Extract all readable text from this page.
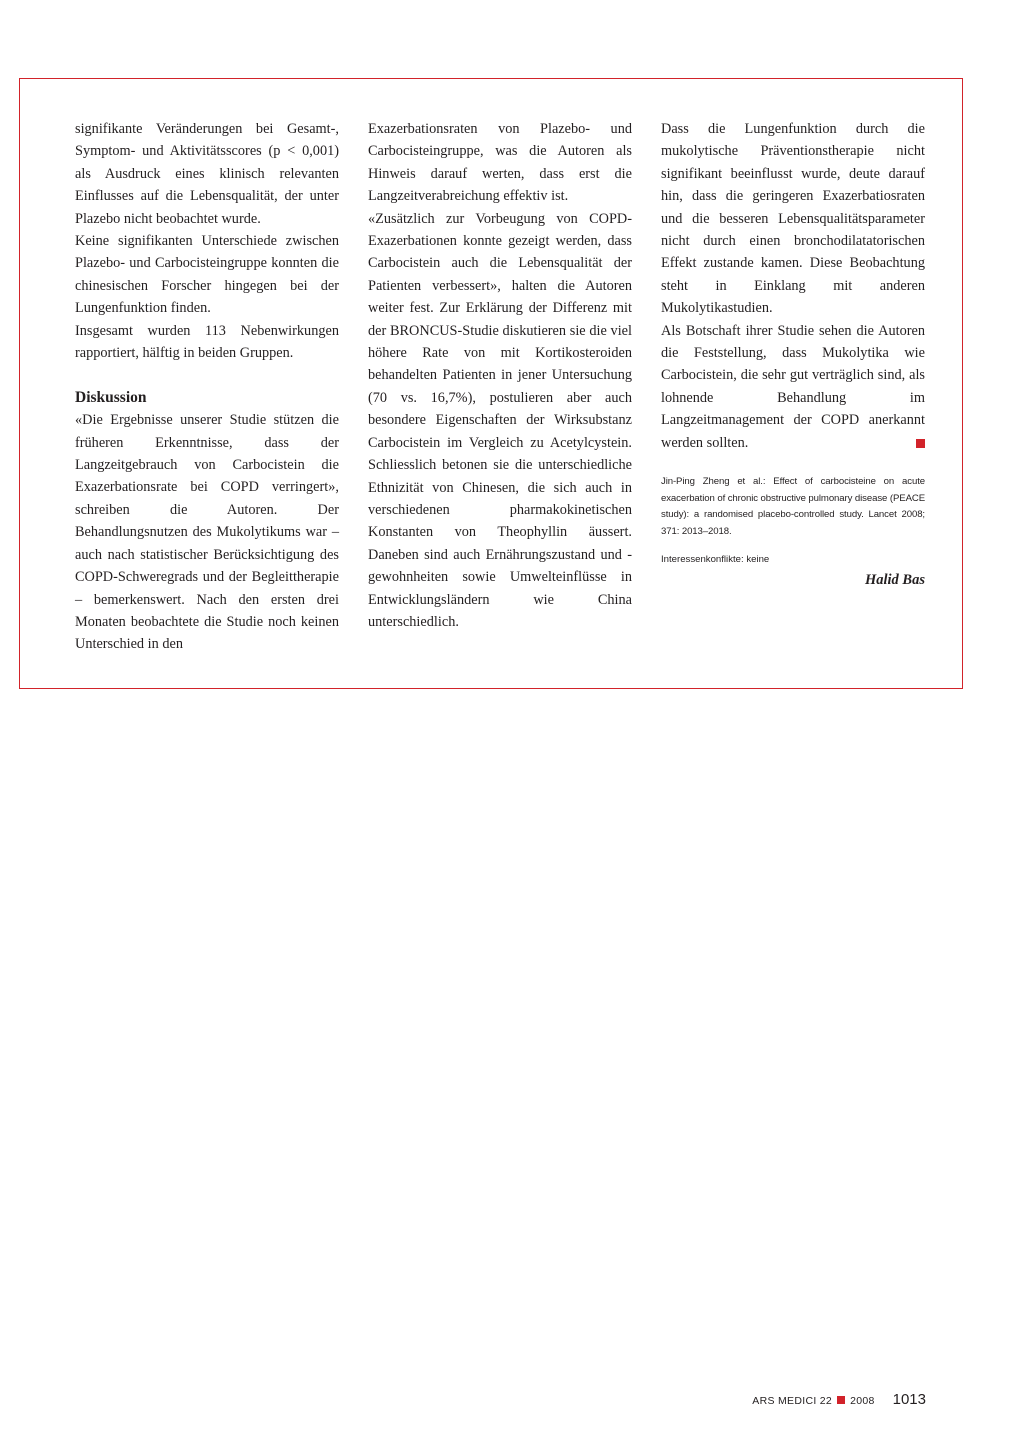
signifikante Veränderungen bei Gesamt-, Symptom- und Aktivitätsscores (p < 0,001) als Ausdruck eines klinisch relevanten Einflusses auf die Lebensqualität, der unter Plazebo nicht beobachtet wurde.

Keine signifikanten Unterschiede zwischen Plazebo- und Carbocisteingruppe konnten die chinesischen Forscher hingegen bei der Lungenfunktion finden.

Insgesamt wurden 113 Nebenwirkungen rapportiert, hälftig in beiden Gruppen.

Diskussion

«Die Ergebnisse unserer Studie stützen die früheren Erkenntnisse, dass der Langzeitgebrauch von Carbocistein die Exazerbationsrate bei COPD verringert», schreiben die Autoren. Der Behandlungsnutzen des Mukolytikums war – auch nach statistischer Berücksichtigung des COPD-Schweregrads und der Begleittherapie – bemerkenswert. Nach den ersten drei Monaten beobachtete die Studie noch keinen Unterschied in den

Exazerbationsraten von Plazebo- und Carbocisteingruppe, was die Autoren als Hinweis darauf werten, dass erst die Langzeitverabreichung effektiv ist.

«Zusätzlich zur Vorbeugung von COPD-Exazerbationen konnte gezeigt werden, dass Carbocistein auch die Lebensqualität der Patienten verbessert», halten die Autoren weiter fest. Zur Erklärung der Differenz mit der BRONCUS-Studie diskutieren sie die viel höhere Rate von mit Kortikosteroiden behandelten Patienten in jener Untersuchung (70 vs. 16,7%), postulieren aber auch besondere Eigenschaften der Wirksubstanz Carbocistein im Vergleich zu Acetylcystein. Schliesslich betonen sie die unterschiedliche Ethnizität von Chinesen, die sich auch in verschiedenen pharmakokinetischen Konstanten von Theophyllin äussert. Daneben sind auch Ernährungszustand und -gewohnheiten sowie Umwelteinflüsse in Entwicklungsländern wie China unterschiedlich.

Dass die Lungenfunktion durch die mukolytische Präventionstherapie nicht signifikant beeinflusst wurde, deute darauf hin, dass die geringeren Exazerbatiosraten und die besseren Lebensqualitätsparameter nicht durch einen bronchodilatatorischen Effekt zustande kamen. Diese Beobachtung steht in Einklang mit anderen Mukolytikastudien.

Als Botschaft ihrer Studie sehen die Autoren die Feststellung, dass Mukolytika wie Carbocistein, die sehr gut verträglich sind, als lohnende Behandlung im Langzeitmanagement der COPD anerkannt werden sollten.

Jin-Ping Zheng et al.: Effect of carbocisteine on acute exacerbation of chronic obstructive pulmonary disease (PEACE study): a randomised placebo-controlled study. Lancet 2008; 371: 2013–2018.

Interessenkonflikte: keine

Halid Bas

ARS MEDICI 22 2008 1013
